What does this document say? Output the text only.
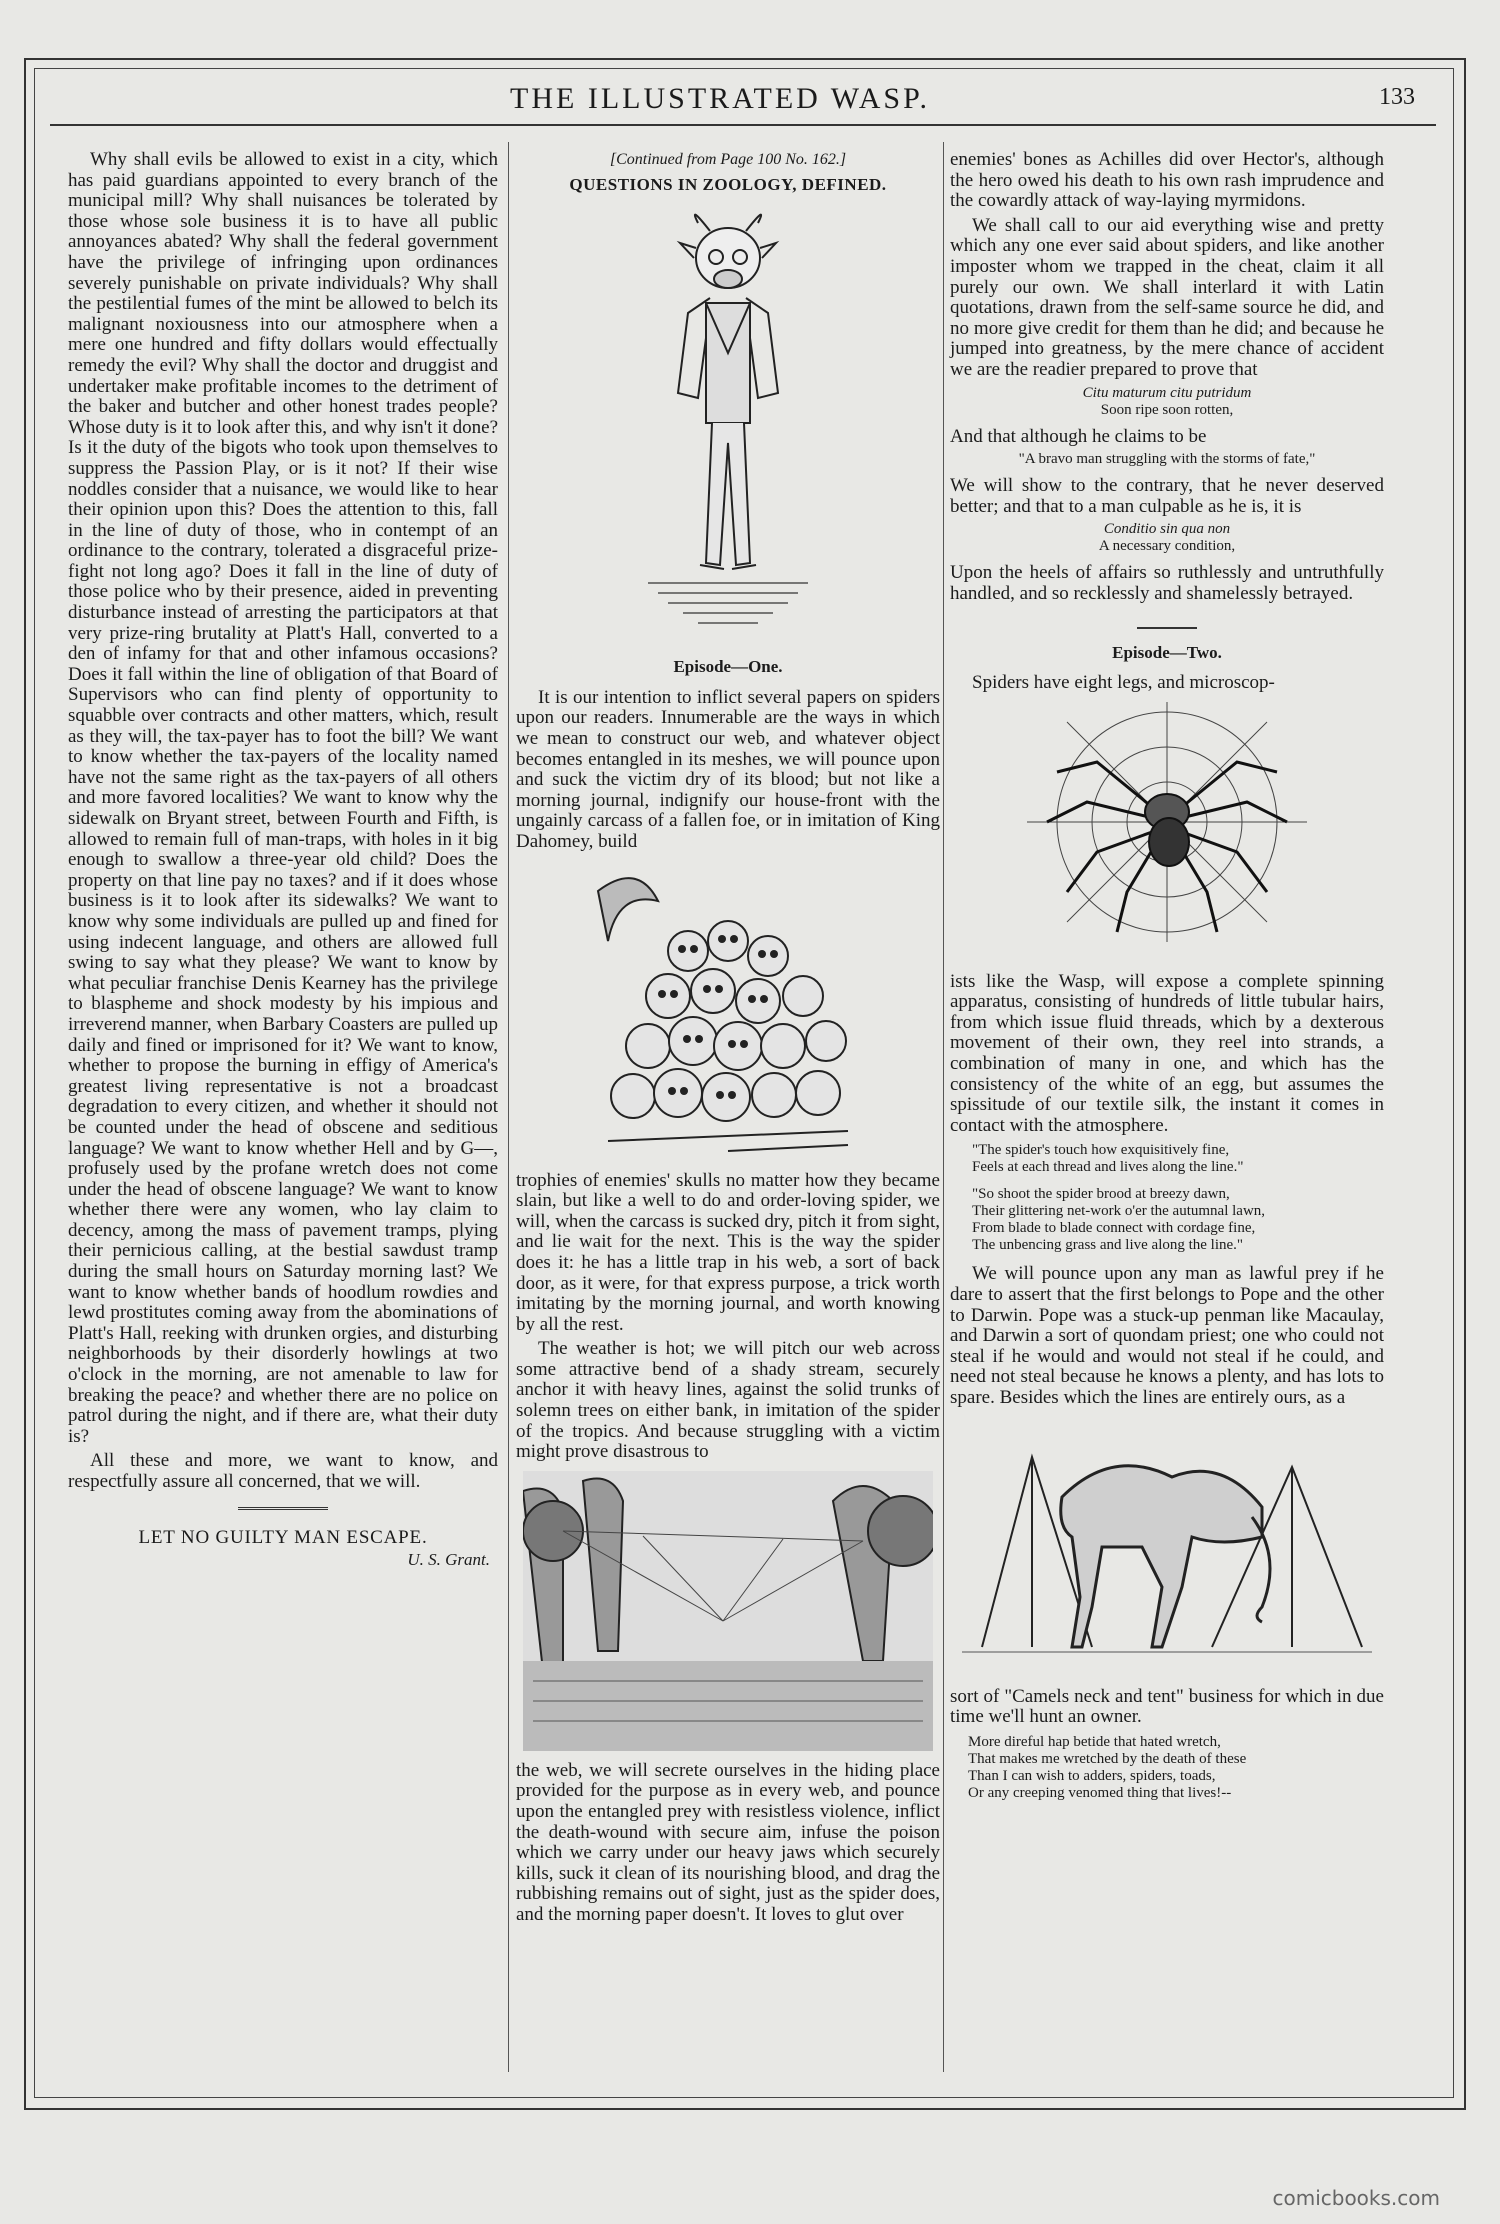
THE ILLUSTRATED WASP.	133

Why shall evils be allowed to exist in a city, which has paid guardians appointed to every branch of the municipal mill? Why shall nuisances be tolerated by those whose sole business it is to have all public annoyances abated? Why shall the federal government have the privilege of infringing upon ordinances severely punishable on private individuals? Why shall the pestilential fumes of the mint be allowed to belch its malignant noxiousness into our atmosphere when a mere one hundred and fifty dollars would effectually remedy the evil? Why shall the doctor and druggist and undertaker make profitable incomes to the detriment of the baker and butcher and other honest trades people? Whose duty is it to look after this, and why isn't it done? Is it the duty of the bigots who took upon themselves to suppress the Passion Play, or is it not? If their wise noddles consider that a nuisance, we would like to hear their opinion upon this? Does the attention to this, fall in the line of duty of those, who in contempt of an ordinance to the contrary, tolerated a disgraceful prize-fight not long ago? Does it fall in the line of duty of those police who by their presence, aided in preventing disturbance instead of arresting the participators at that very prize-ring brutality at Platt's Hall, converted to a den of infamy for that and other infamous occasions? Does it fall within the line of obligation of that Board of Supervisors who can find plenty of opportunity to squabble over contracts and other matters, which, result as they will, the tax-payer has to foot the bill? We want to know whether the tax-payers of the locality named have not the same right as the tax-payers of all others and more favored localities? We want to know why the sidewalk on Bryant street, between Fourth and Fifth, is allowed to remain full of man-traps, with holes in it big enough to swallow a three-year old child? Does the property on that line pay no taxes? and if it does whose business is it to look after its sidewalks? We want to know why some individuals are pulled up and fined for using indecent language, and others are allowed full swing to say what they please? We want to know by what peculiar franchise Denis Kearney has the privilege to blaspheme and shock modesty by his impious and irreverend manner, when Barbary Coasters are pulled up daily and fined or imprisoned for it? We want to know, whether to propose the burning in effigy of America's greatest living representative is not a broadcast degradation to every citizen, and whether it should not be counted under the head of obscene and seditious language? We want to know whether Hell and by G—, profusely used by the profane wretch does not come under the head of obscene language? We want to know whether there were any women, who lay claim to decency, among the mass of pavement tramps, plying their pernicious calling, at the bestial sawdust tramp during the small hours on Saturday morning last? We want to know whether bands of hoodlum rowdies and lewd prostitutes coming away from the abominations of Platt's Hall, reeking with drunken orgies, and disturbing neighborhoods by their disorderly howlings at two o'clock in the morning, are not amenable to law for breaking the peace? and whether there are no police on patrol during the night, and if there are, what their duty is?

All these and more, we want to know, and respectfully assure all concerned, that we will.

LET NO GUILTY MAN ESCAPE.
U. S. Grant.
[Continued from Page 100 No. 162.]
QUESTIONS IN ZOOLOGY, DEFINED.
Episode—One.

It is our intention to inflict several papers on spiders upon our readers. Innumerable are the ways in which we mean to construct our web, and whatever object becomes entangled in its meshes, we will pounce upon and suck the victim dry of its blood; but not like a morning journal, indignify our house-front with the ungainly carcass of a fallen foe, or in imitation of King Dahomey, build

trophies of enemies' skulls no matter how they became slain, but like a well to do and order-loving spider, we will, when the carcass is sucked dry, pitch it from sight, and lie wait for the next. This is the way the spider does it: he has a little trap in his web, a sort of back door, as it were, for that express purpose, a trick worth imitating by the morning journal, and worth knowing by all the rest.

The weather is hot; we will pitch our web across some attractive bend of a shady stream, securely anchor it with heavy lines, against the solid trunks of solemn trees on either bank, in imitation of the spider of the tropics. And because struggling with a victim might prove disastrous to

the web, we will secrete ourselves in the hiding place provided for the purpose as in every web, and pounce upon the entangled prey with resistless violence, inflict the death-wound with secure aim, infuse the poison which we carry under our heavy jaws which securely kills, suck it clean of its nourishing blood, and drag the rubbishing remains out of sight, just as the spider does, and the morning paper doesn't. It loves to glut over

enemies' bones as Achilles did over Hector's, although the hero owed his death to his own rash imprudence and the cowardly attack of way-laying myrmidons.

We shall call to our aid everything wise and pretty which any one ever said about spiders, and like another imposter whom we trapped in the cheat, claim it all purely our own. We shall interlard it with Latin quotations, drawn from the self-same source he did, and no more give credit for them than he did; and because he jumped into greatness, by the mere chance of accident we are the readier prepared to prove that

Citu maturum citu putridum
Soon ripe soon rotten,

And that although he claims to be

"A bravo man struggling with the storms of fate,"

We will show to the contrary, that he never deserved better; and that to a man culpable as he is, it is

Conditio sin qua non
A necessary condition,

Upon the heels of affairs so ruthlessly and untruthfully handled, and so recklessly and shamelessly betrayed.

Episode—Two.

Spiders have eight legs, and microscop-

ists like the Wasp, will expose a complete spinning apparatus, consisting of hundreds of little tubular hairs, from which issue fluid threads, which by a dexterous movement of their own, they reel into strands, a combination of many in one, and which has the consistency of the white of an egg, but assumes the spissitude of our textile silk, the instant it comes in contact with the atmosphere.

"The spider's touch how exquisitively fine,
Feels at each thread and lives along the line."
"So shoot the spider brood at breezy dawn,
Their glittering net-work o'er the autumnal lawn,
From blade to blade connect with cordage fine,
The unbencing grass and live along the line."

We will pounce upon any man as lawful prey if he dare to assert that the first belongs to Pope and the other to Darwin. Pope was a stuck-up penman like Macaulay, and Darwin a sort of quondam priest; one who could not steal if he would and would not steal if he could, and need not steal because he knows a plenty, and has lots to spare. Besides which the lines are entirely ours, as a

sort of "Camels neck and tent" business for which in due time we'll hunt an owner.

More direful hap betide that hated wretch,
That makes me wretched by the death of these
Than I can wish to adders, spiders, toads,
Or any creeping venomed thing that lives!--
comicbooks.com
